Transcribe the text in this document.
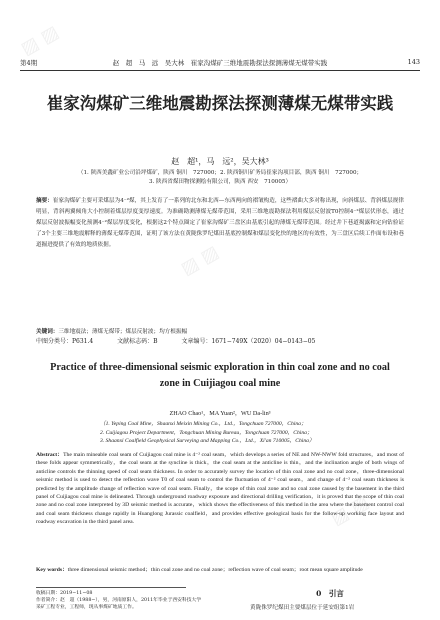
▨ ▨
▨ ▨
▨ ▨
第4期	赵　超　马　远　吴大林　崔家沟煤矿三维地震勘探法探测薄煤无煤带实践	143
崔家沟煤矿三维地震勘探法探测薄煤无煤带实践
赵　超¹，马　远²，吴大林³
（1. 陕西美鑫矿业公司沿坪煤矿，陕西 铜川　727000；2. 陕西铜川矿务局崔家沟项目部，陕西 铜川　727000；
3. 陕西省煤田物探测绘有限公司，陕西 西安　710005）
摘要：崔家沟煤矿主要可采煤层为4⁻²煤，其上发育了一系列的北东和北西—东西两向的褶皱构造，这些褶曲大多对称出现，向斜煤层、背斜煤层规律明显，背斜两翼倾角大小控制着煤层厚度变厚速度。为准确勘测薄煤无煤带范围，采用三维地震勘探法利用煤层反射波T0控制4⁻²煤层伏形态，通过煤层反射波振幅变化预测4⁻²煤层厚度变化，根据这2个特点圈定了崔家沟煤矿三盘区由基底引起的薄煤无煤带范围。经过井下巷道揭露和定向钻验证了3个主要三维地震解释的薄煤无煤带范围，证明了该方法在黄陇侏罗纪煤田基底控制煤和煤层变化快的地区的有效性，为三盘区后续工作面布设和巷道掘进提供了有效的地质依据。
关键词：三维地震法；薄煤无煤带；煤层反射波；均方根振幅
中图分类号：P631.4	文献标志码：B	文章编号：1671−749X（2020）04−0143−05
Practice of three-dimensional seismic exploration in thin coal zone and no coal zone in Cuijiagou coal mine
ZHAO Chao¹，MA Yuan²，WU Da-lin³
（1. Yeping Coal Mine，Shaanxi Meixin Mining Co.，Ltd.，Tongchuan 727000，China；
2. Cuijiagou Project Department，Tongchuan Mining Bureau，Tongchuan 727000，China；
3. Shaanxi Coalfield Geophysical Surveying and Mapping Co.，Ltd.，Xi'an 710005，China）
Abstract：The main mineable coal seam of Cuijiagou coal mine is 4⁻² coal seam，which develops a series of NE and NW-NWW fold structures，and most of these folds appear symmetrically，the coal seam at the syncline is thick，the coal seam at the anticline is thin，and the inclination angle of both wings of anticline controls the thinning speed of coal seam thickness. In order to accurately survey the location of thin coal zone and no coal zone，three-dimensional seismic method is used to detect the reflection wave T0 of coal seam to control the fluctuation of 4⁻² coal seam，and change of 4⁻² coal seam thickness is predicted by the amplitude change of reflection wave of coal seam. Finally，the scope of thin coal zone and no coal zone caused by the basement in the third panel of Cuijiagou coal mine is delineated. Through underground roadway exposure and directional drilling verification，it is proved that the scope of thin coal zone and no coal zone interpreted by 3D seismic method is accurate，which shows the effectiveness of this method in the area where the basement control coal and coal seam thickness change rapidly in Huanglong Jurassic coalfield，and provides effective geological basis for the follow-up working face layout and roadway excavation in the third panel area.
Key words：three dimensional seismic method；thin coal zone and no coal zone；reflection wave of coal seam；root mean square amplitude
收稿日期：2019−11−08
作者简介：赵　超（1988−），男，河南原阳人，2011年毕业于西安科技大学采矿工程专业，工程师，现从事煤矿地质工作。
0　引言
黄陇侏罗纪煤田主要煤层位于延安组第1岩
